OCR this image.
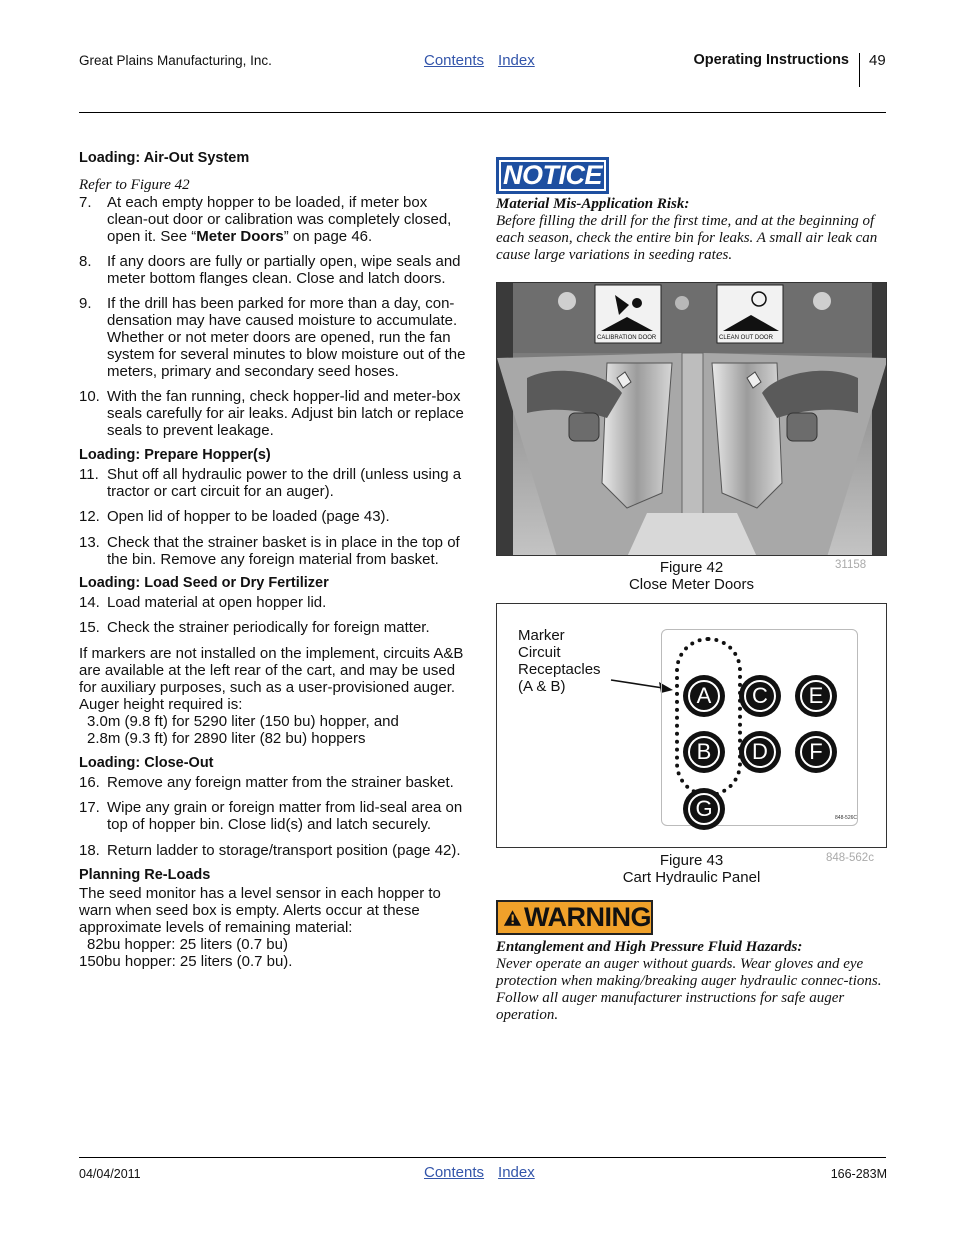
Great Plains Manufacturing, Inc.	Contents Index	Operating Instructions 49
Loading: Air-Out System
Refer to Figure 42
7.	At each empty hopper to be loaded, if meter box clean-out door or calibration was completely closed, open it. See “Meter Doors” on page 46.
8.	If any doors are fully or partially open, wipe seals and meter bottom flanges clean. Close and latch doors.
9.	If the drill has been parked for more than a day, con-densation may have caused moisture to accumulate. Whether or not meter doors are opened, run the fan system for several minutes to blow moisture out of the meters, primary and secondary seed hoses.
10. With the fan running, check hopper-lid and meter-box seals carefully for air leaks. Adjust bin latch or replace seals to prevent leakage.
Loading: Prepare Hopper(s)
11. Shut off all hydraulic power to the drill (unless using a tractor or cart circuit for an auger).
12. Open lid of hopper to be loaded (page 43).
13. Check that the strainer basket is in place in the top of the bin. Remove any foreign material from basket.
Loading: Load Seed or Dry Fertilizer
14. Load material at open hopper lid.
15. Check the strainer periodically for foreign matter.
If markers are not installed on the implement, circuits A&B are available at the left rear of the cart, and may be used for auxiliary purposes, such as a user-provisioned auger. Auger height required is:
3.0m (9.8 ft) for 5290 liter (150 bu) hopper, and
2.8m (9.3 ft) for 2890 liter (82 bu) hoppers
Loading: Close-Out
16. Remove any foreign matter from the strainer basket.
17. Wipe any grain or foreign matter from lid-seal area on top of hopper bin. Close lid(s) and latch securely.
18. Return ladder to storage/transport position (page 42).
Planning Re-Loads
The seed monitor has a level sensor in each hopper to warn when seed box is empty. Alerts occur at these approximate levels of remaining material:
82bu hopper: 25 liters (0.7 bu)
150bu hopper: 25 liters (0.7 bu).
NOTICE
Material Mis-Application Risk:
Before filling the drill for the first time, and at the beginning of each season, check the entire bin for leaks. A small air leak can cause large variations in seeding rates.
CALIBRATION DOOR	CLEAN OUT DOOR
Figure 42
Close Meter Doors
31158
Marker
Circuit
Receptacles
(A & B)	A C E
B D F
G	848-526C
Figure 43
Cart Hydraulic Panel
848-562c
WARNING
Entanglement and High Pressure Fluid Hazards:
Never operate an auger without guards. Wear gloves and eye protection when making/breaking auger hydraulic connec-tions. Follow all auger manufacturer instructions for safe auger operation.
04/04/2011	Contents Index	166-283M
